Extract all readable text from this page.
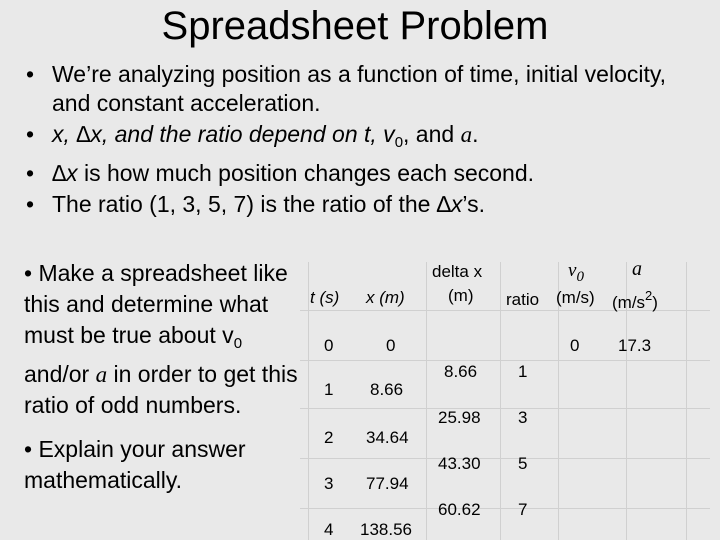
Spreadsheet Problem
• We’re analyzing position as a function of time, initial velocity, and constant acceleration.
• x, ∆x, and the ratio depend on t, $v_0$, and a.
• ∆x is how much position changes each second.
• The ratio (1, 3, 5, 7) is the ratio of the ∆x’s.

• Make a spreadsheet like this and determine what must be true about $v_0$ and/or a in order to get this ratio of odd numbers.

• Explain your answer mathematically.

t (s) x (m)
delta x
(m) ratio
$v_0$
(m/s)
a
$(m/s^2)$
0
1
2
3
4
0
8.66
34.64
77.94
138.56
8.66
25.98
43.30
60.62
1
3
5
7
0 17.3
